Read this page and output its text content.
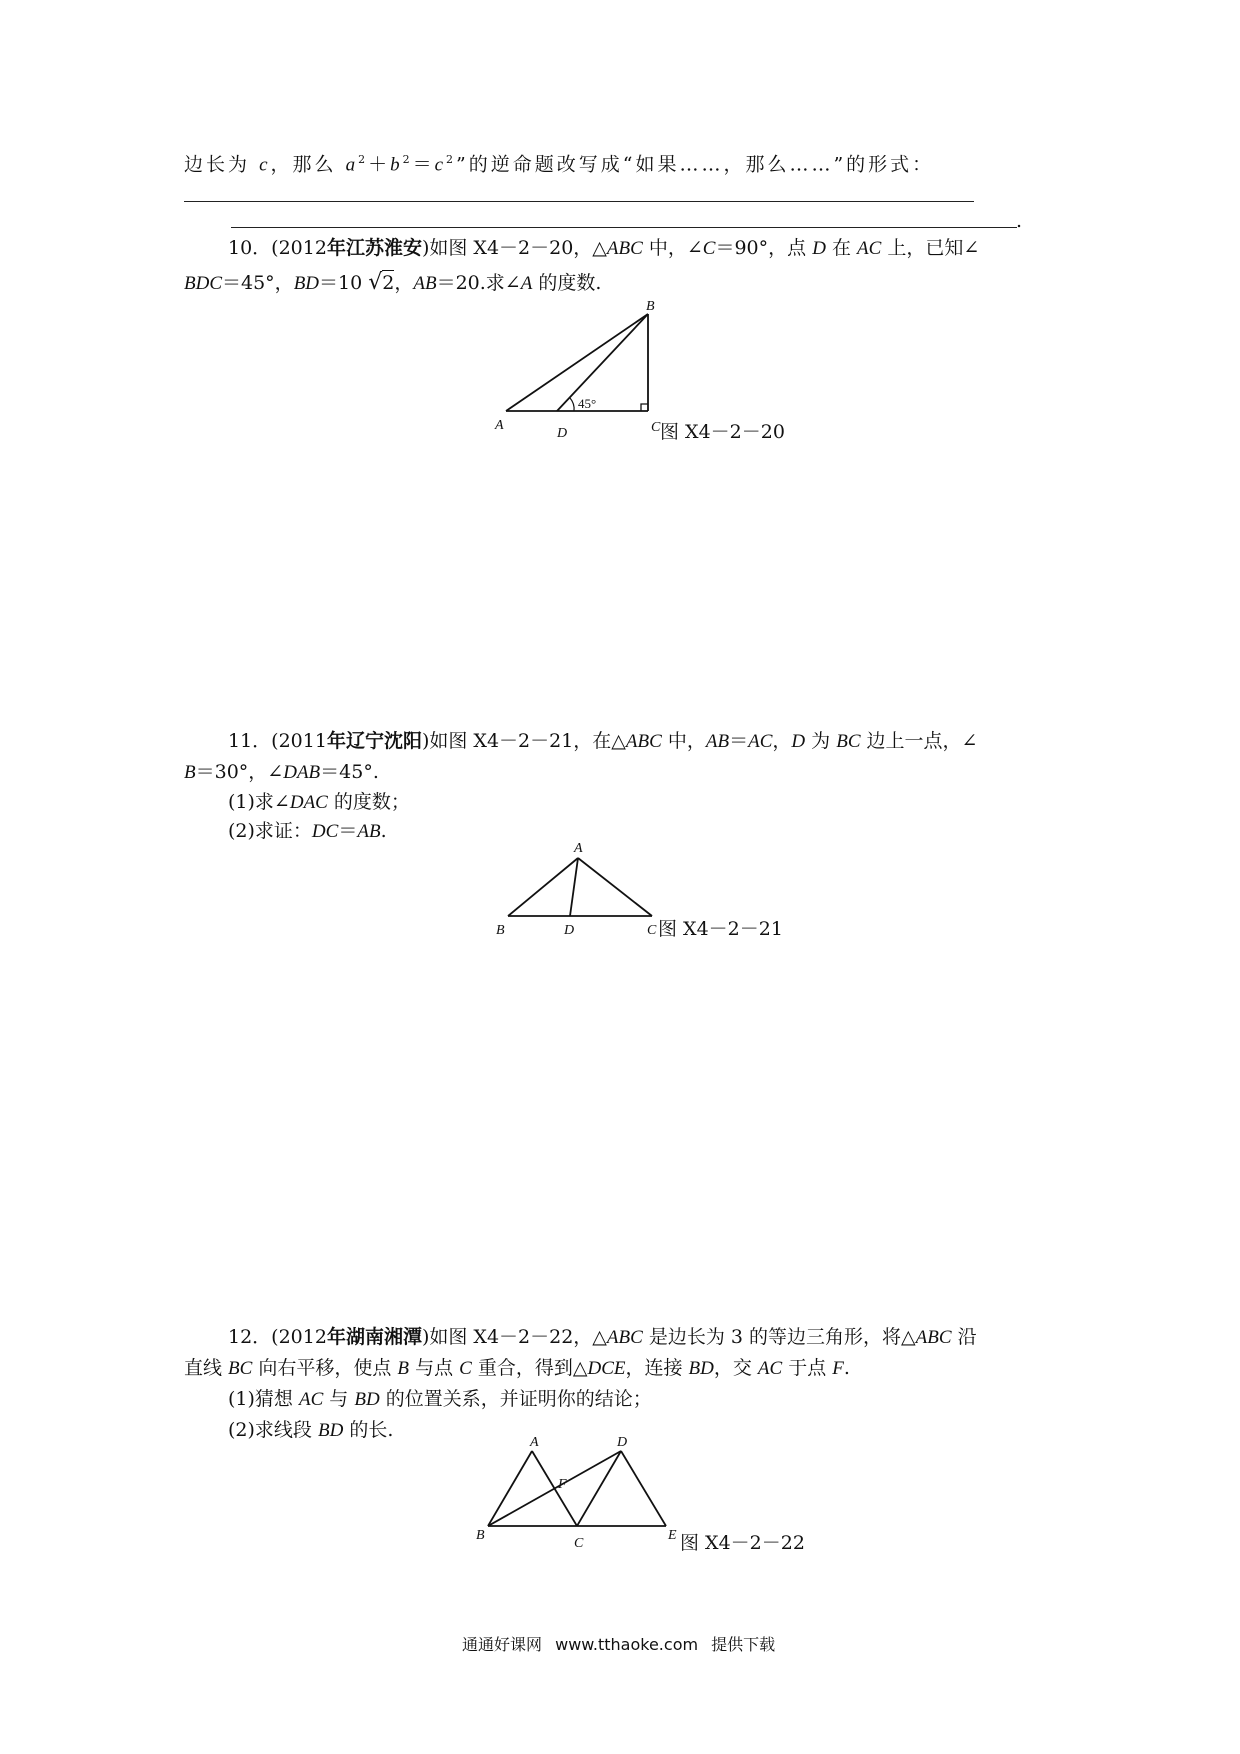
边长为 c，那么 $a^2+b^2=c^2$”的逆命题改写成“如果……，那么……”的形式：
.
10．(2012年江苏淮安)如图 X4－2－20，△ABC 中，∠C＝90°，点 D 在 AC 上，已知∠
BDC＝45°，BD＝10 √2，AB＝20.求∠A 的度数.
A
B
C
D
45°
A
B	C
D
A
B
C
D
E
F
图 X4－2－20
11．(2011年辽宁沈阳)如图 X4－2－21，在△ABC 中，AB＝AC，D 为 BC 边上一点，∠
B＝30°，∠DAB＝45°.
(1)求∠DAC 的度数；
(2)求证：DC＝AB.
图 X4－2－21
12．(2012年湖南湘潭)如图 X4－2－22，△ABC 是边长为 3 的等边三角形，将△ABC 沿
直线 BC 向右平移，使点 B 与点 C 重合，得到△DCE，连接 BD，交 AC 于点 F.
(1)猜想 AC 与 BD 的位置关系，并证明你的结论；
(2)求线段 BD 的长.
图 X4－2－22
通通好课网 www.tthaoke.com 提供下载
